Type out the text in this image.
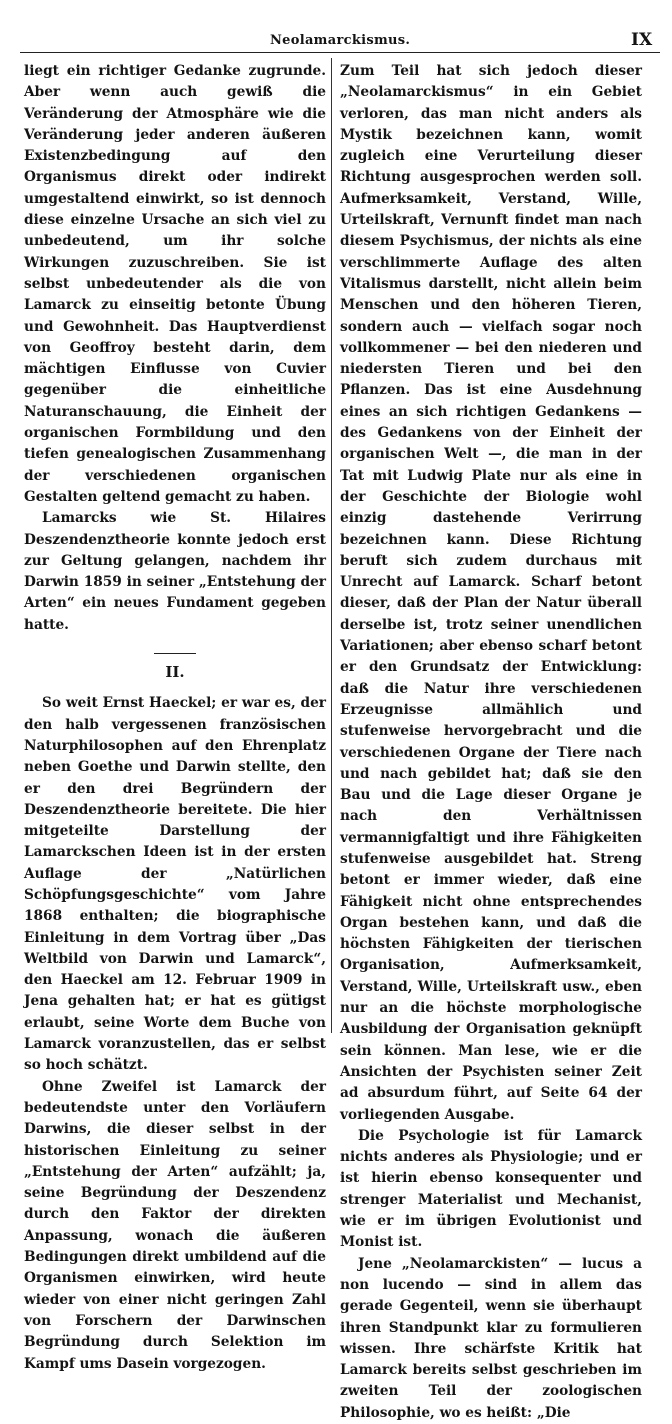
Neolamarckismus.	IX

liegt ein richtiger Gedanke zugrunde. Aber wenn auch gewiß die Veränderung der Atmosphäre wie die Veränderung jeder anderen äußeren Existenzbedingung auf den Organismus direkt oder indirekt umgestaltend einwirkt, so ist dennoch diese einzelne Ursache an sich viel zu unbedeutend, um ihr solche Wirkungen zuzuschreiben. Sie ist selbst unbedeutender als die von Lamarck zu einseitig betonte Übung und Gewohnheit. Das Hauptverdienst von Geoffroy besteht darin, dem mächtigen Einflusse von Cuvier gegenüber die einheitliche Naturanschauung, die Einheit der organischen Formbildung und den tiefen genealogischen Zusammenhang der verschiedenen organischen Gestalten geltend gemacht zu haben.

Lamarcks wie St. Hilaires Deszendenztheorie konnte jedoch erst zur Geltung gelangen, nachdem ihr Darwin 1859 in seiner „Entstehung der Arten“ ein neues Fundament gegeben hatte.

II.

So weit Ernst Haeckel; er war es, der den halb vergessenen französischen Naturphilosophen auf den Ehrenplatz neben Goethe und Darwin stellte, den er den drei Begründern der Deszendenztheorie bereitete. Die hier mitgeteilte Darstellung der Lamarckschen Ideen ist in der ersten Auflage der „Natürlichen Schöpfungsgeschichte“ vom Jahre 1868 enthalten; die biographische Einleitung in dem Vortrag über „Das Weltbild von Darwin und Lamarck“, den Haeckel am 12. Februar 1909 in Jena gehalten hat; er hat es gütigst erlaubt, seine Worte dem Buche von Lamarck voranzustellen, das er selbst so hoch schätzt.

Ohne Zweifel ist Lamarck der bedeutendste unter den Vorläufern Darwins, die dieser selbst in der historischen Einleitung zu seiner „Entstehung der Arten“ aufzählt; ja, seine Begründung der Deszendenz durch den Faktor der direkten Anpassung, wonach die äußeren Bedingungen direkt umbildend auf die Organismen einwirken, wird heute wieder von einer nicht geringen Zahl von Forschern der Darwinschen Begründung durch Selektion im Kampf ums Dasein vorgezogen.

Zum Teil hat sich jedoch dieser „Neolamarckismus“ in ein Gebiet verloren, das man nicht anders als Mystik bezeichnen kann, womit zugleich eine Verurteilung dieser Richtung ausgesprochen werden soll. Aufmerksamkeit, Verstand, Wille, Urteilskraft, Vernunft findet man nach diesem Psychismus, der nichts als eine verschlimmerte Auflage des alten Vitalismus darstellt, nicht allein beim Menschen und den höheren Tieren, sondern auch — vielfach sogar noch vollkommener — bei den niederen und niedersten Tieren und bei den Pflanzen. Das ist eine Ausdehnung eines an sich richtigen Gedankens — des Gedankens von der Einheit der organischen Welt —, die man in der Tat mit Ludwig Plate nur als eine in der Geschichte der Biologie wohl einzig dastehende Verirrung bezeichnen kann. Diese Richtung beruft sich zudem durchaus mit Unrecht auf Lamarck. Scharf betont dieser, daß der Plan der Natur überall derselbe ist, trotz seiner unendlichen Variationen; aber ebenso scharf betont er den Grundsatz der Entwicklung: daß die Natur ihre verschiedenen Erzeugnisse allmählich und stufenweise hervorgebracht und die verschiedenen Organe der Tiere nach und nach gebildet hat; daß sie den Bau und die Lage dieser Organe je nach den Verhältnissen vermannigfaltigt und ihre Fähigkeiten stufenweise ausgebildet hat. Streng betont er immer wieder, daß eine Fähigkeit nicht ohne entsprechendes Organ bestehen kann, und daß die höchsten Fähigkeiten der tierischen Organisation, Aufmerksamkeit, Verstand, Wille, Urteilskraft usw., eben nur an die höchste morphologische Ausbildung der Organisation geknüpft sein können. Man lese, wie er die Ansichten der Psychisten seiner Zeit ad absurdum führt, auf Seite 64 der vorliegenden Ausgabe.

Die Psychologie ist für Lamarck nichts anderes als Physiologie; und er ist hierin ebenso konsequenter und strenger Materialist und Mechanist, wie er im übrigen Evolutionist und Monist ist.

Jene „Neolamarckisten“ — lucus a non lucendo — sind in allem das gerade Gegenteil, wenn sie überhaupt ihren Standpunkt klar zu formulieren wissen. Ihre schärfste Kritik hat Lamarck bereits selbst geschrieben im zweiten Teil der zoologischen Philosophie, wo es heißt: „Die
